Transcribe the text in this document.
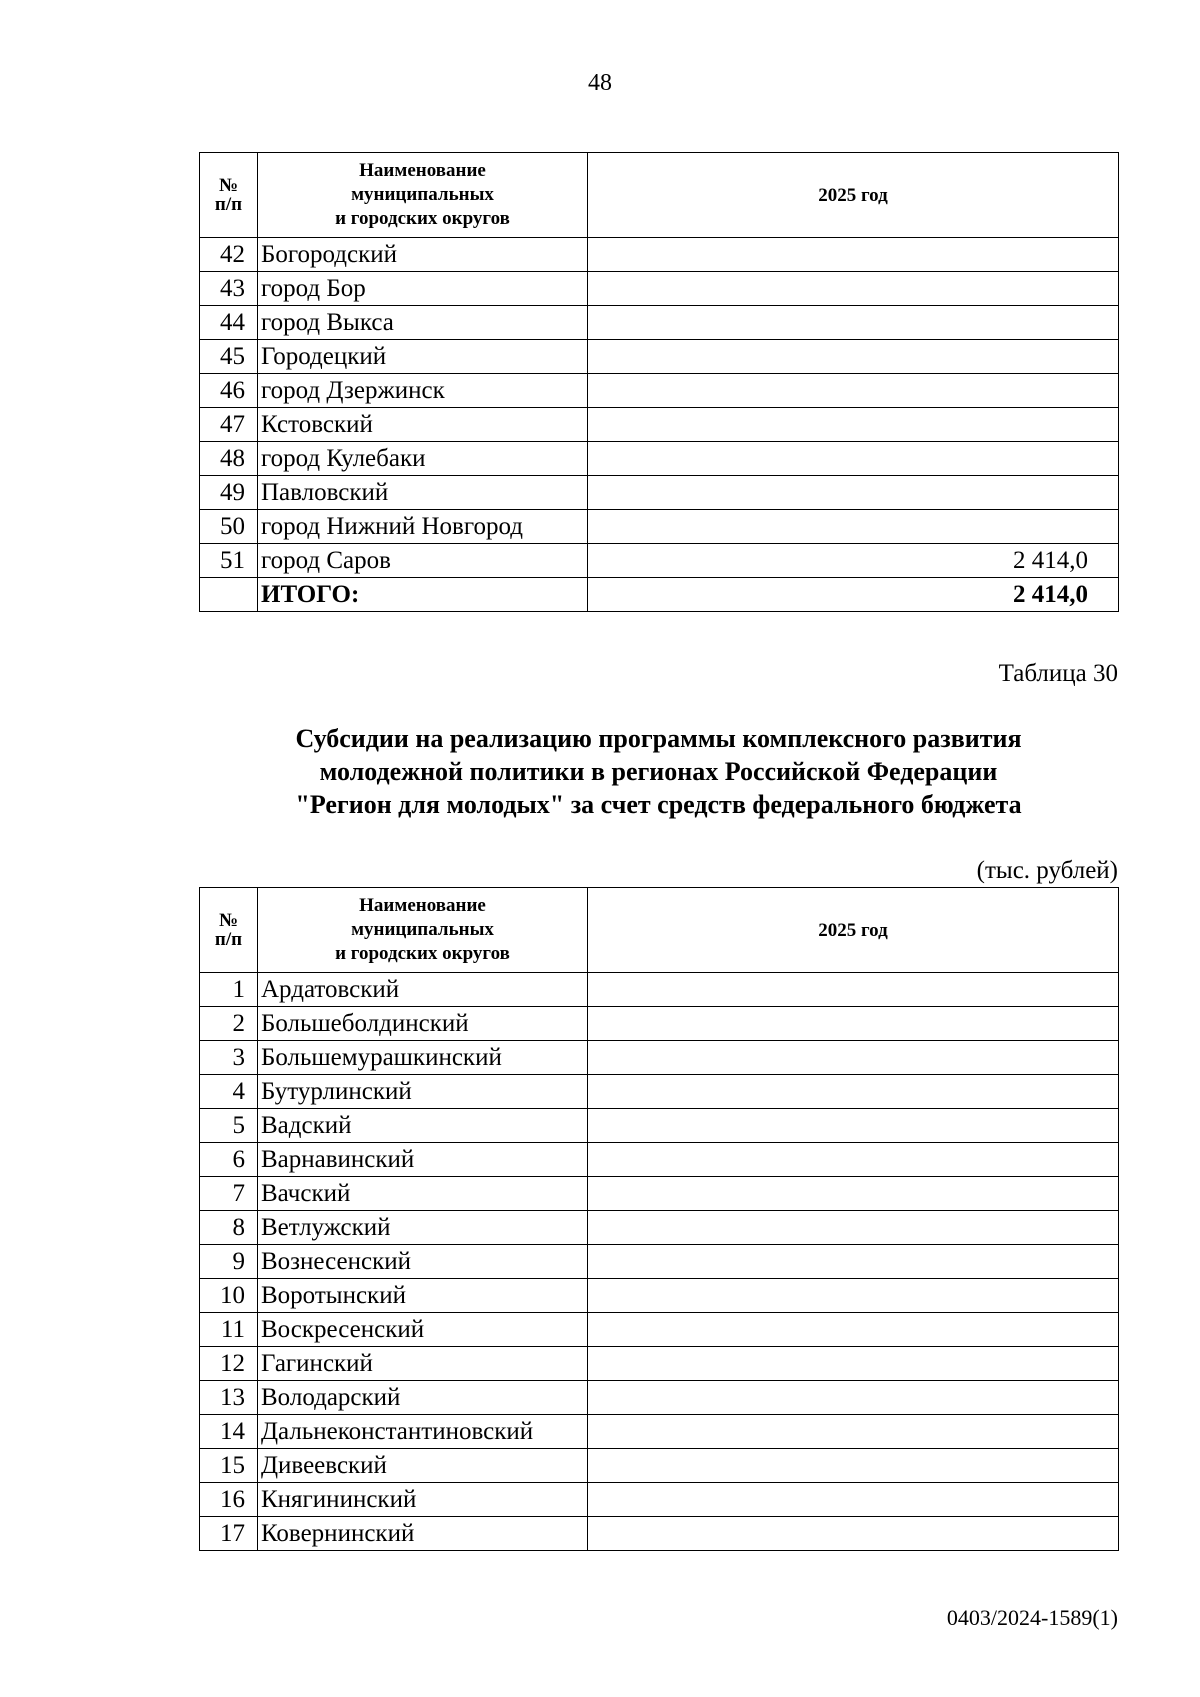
48
№
п/п	Наименование
муниципальных
и городских округов	2025 год
42	Богородский	
43	город Бор	
44	город Выкса	
45	Городецкий	
46	город Дзержинск	
47	Кстовский	
48	город Кулебаки	
49	Павловский	
50	город Нижний Новгород	
51	город Саров	2 414,0
	ИТОГО:	2 414,0
Таблица 30
Субсидии на реализацию программы комплексного развития
молодежной политики в регионах Российской Федерации
"Регион для молодых" за счет средств федерального бюджета
(тыс. рублей)
№
п/п	Наименование
муниципальных
и городских округов	2025 год
1	Ардатовский	
2	Большеболдинский	
3	Большемурашкинский	
4	Бутурлинский	
5	Вадский	
6	Варнавинский	
7	Вачский	
8	Ветлужский	
9	Вознесенский	
10	Воротынский	
11	Воскресенский	
12	Гагинский	
13	Володарский	
14	Дальнеконстантиновский	
15	Дивеевский	
16	Княгининский	
17	Ковернинский	
0403/2024-1589(1)
